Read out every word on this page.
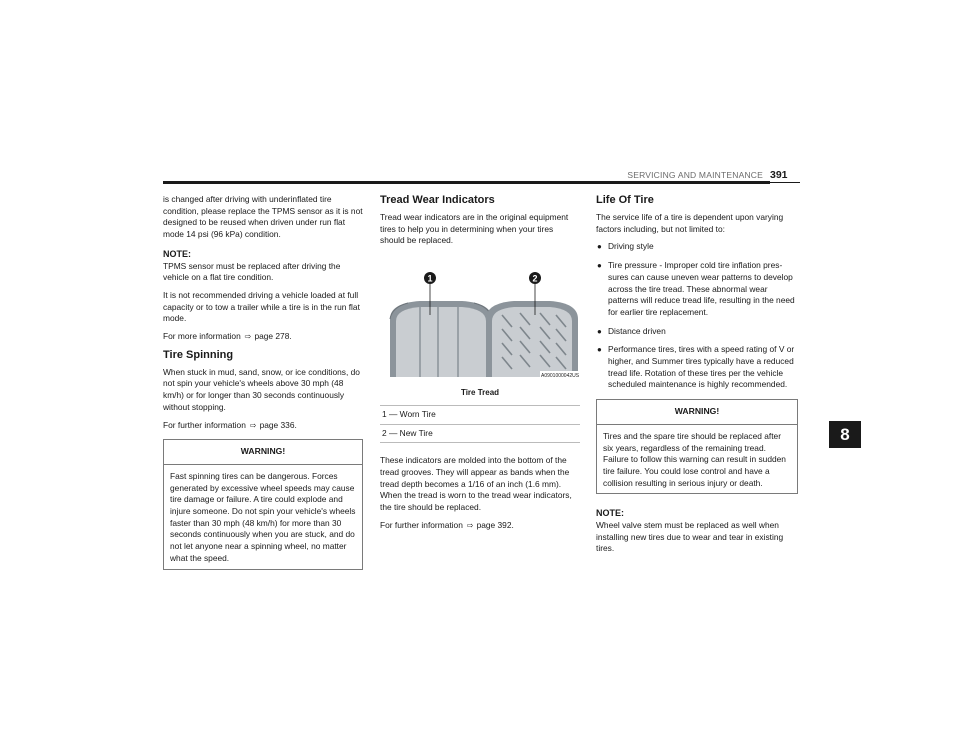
SERVICING AND MAINTENANCE 391
8

is changed after driving with underinflated tire condition, please replace the TPMS sensor as it is not designed to be reused when driven under run flat mode 14 psi (96 kPa) condition.

NOTE:

TPMS sensor must be replaced after driving the vehicle on a flat tire condition.

It is not recommended driving a vehicle loaded at full capacity or to tow a trailer while a tire is in the run flat mode.

For more information ⇨ page 278.

Tire Spinning

When stuck in mud, sand, snow, or ice conditions, do not spin your vehicle's wheels above 30 mph (48 km/h) or for longer than 30 seconds continuously without stopping.

For further information ⇨ page 336.

WARNING!
Fast spinning tires can be dangerous. Forces generated by excessive wheel speeds may cause tire damage or failure. A tire could explode and injure someone. Do not spin your vehicle's wheels faster than 30 mph (48 km/h) for more than 30 seconds continuously when you are stuck, and do not let anyone near a spinning wheel, no matter what the speed.
Tread Wear Indicators

Tread wear indicators are in the original equipment tires to help you in determining when your tires should be replaced.

1	2
A0901000042US
Tire Tread
1 — Worn Tire
2 — New Tire

These indicators are molded into the bottom of the tread grooves. They will appear as bands when the tread depth becomes a 1/16 of an inch (1.6 mm). When the tread is worn to the tread wear indicators, the tire should be replaced.

For further information ⇨ page 392.

Life Of Tire

The service life of a tire is dependent upon varying factors including, but not limited to:

● Driving style
● Tire pressure - Improper cold tire inflation pres-sures can cause uneven wear patterns to develop across the tire tread. These abnormal wear patterns will reduce tread life, resulting in the need for earlier tire replacement.
● Distance driven
● Performance tires, tires with a speed rating of V or higher, and Summer tires typically have a reduced tread life. Rotation of these tires per the vehicle scheduled maintenance is highly recommended.
WARNING!
Tires and the spare tire should be replaced after six years, regardless of the remaining tread. Failure to follow this warning can result in sudden tire failure. You could lose control and have a collision resulting in serious injury or death.
NOTE:

Wheel valve stem must be replaced as well when installing new tires due to wear and tear in existing tires.
